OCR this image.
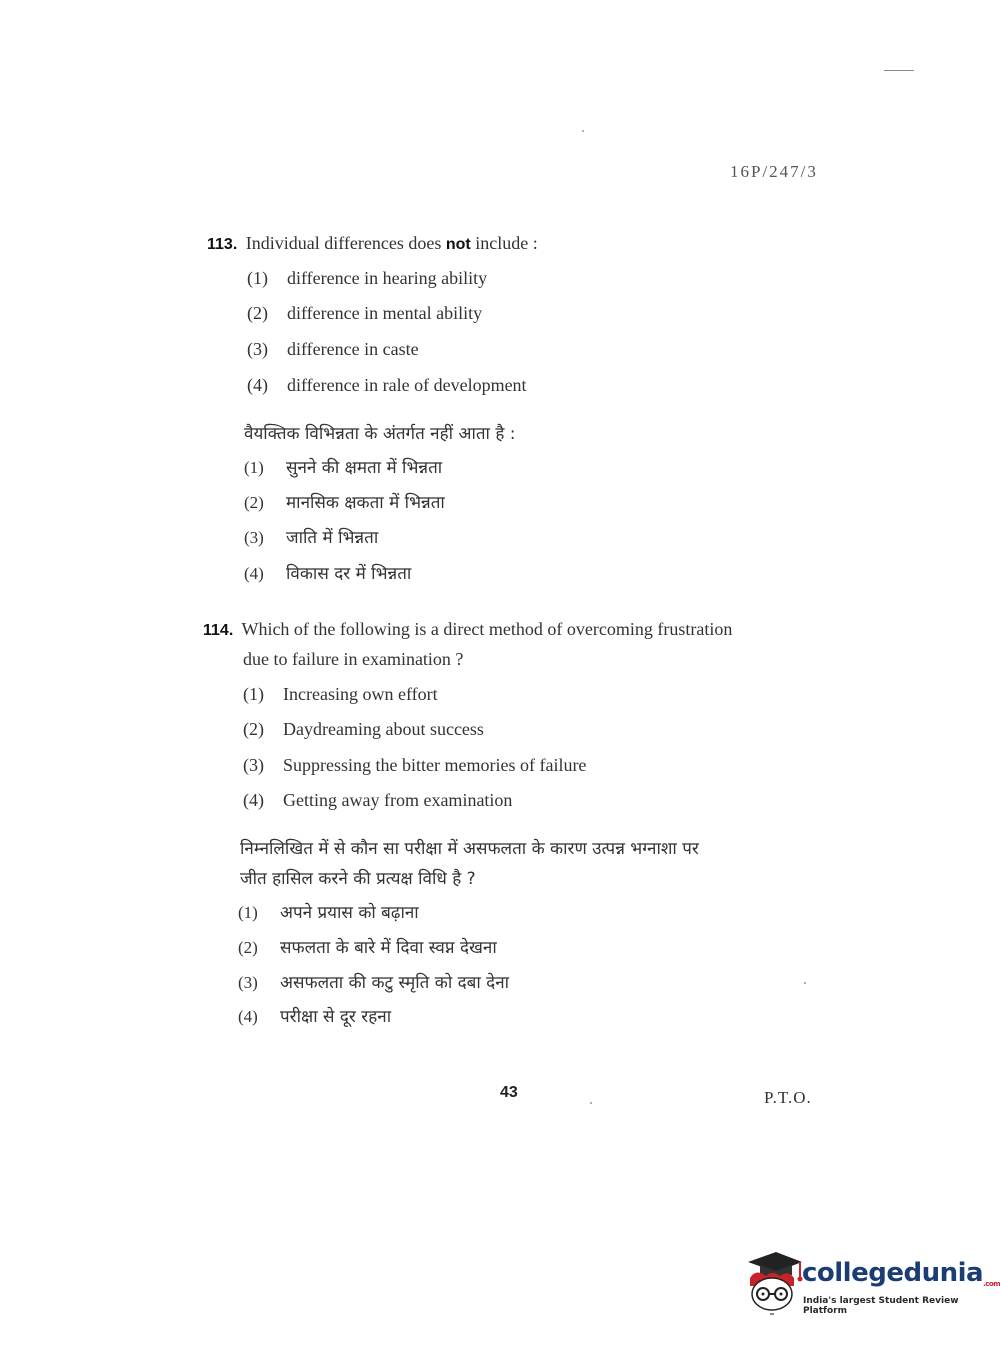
16P/247/3
113. Individual differences does not include :
(1) difference in hearing ability
(2) difference in mental ability
(3) difference in caste
(4) difference in rale of development
वैयक्तिक विभिन्नता के अंतर्गत नहीं आता है :
(1) सुनने की क्षमता में भिन्नता
(2) मानसिक क्षकता में भिन्नता
(3) जाति में भिन्नता
(4) विकास दर में भिन्नता
114. Which of the following is a direct method of overcoming frustration
due to failure in examination ?
(1) Increasing own effort
(2) Daydreaming about success
(3) Suppressing the bitter memories of failure
(4) Getting away from examination
निम्नलिखित में से कौन सा परीक्षा में असफलता के कारण उत्पन्न भग्नाशा पर
जीत हासिल करने की प्रत्यक्ष विधि है ?
(1) अपने प्रयास को बढ़ाना
(2) सफलता के बारे में दिवा स्वप्न देखना
(3) असफलता की कटु स्मृति को दबा देना
(4) परीक्षा से दूर रहना
43	P.T.O.
collegedunia.com
India's largest Student Review Platform
